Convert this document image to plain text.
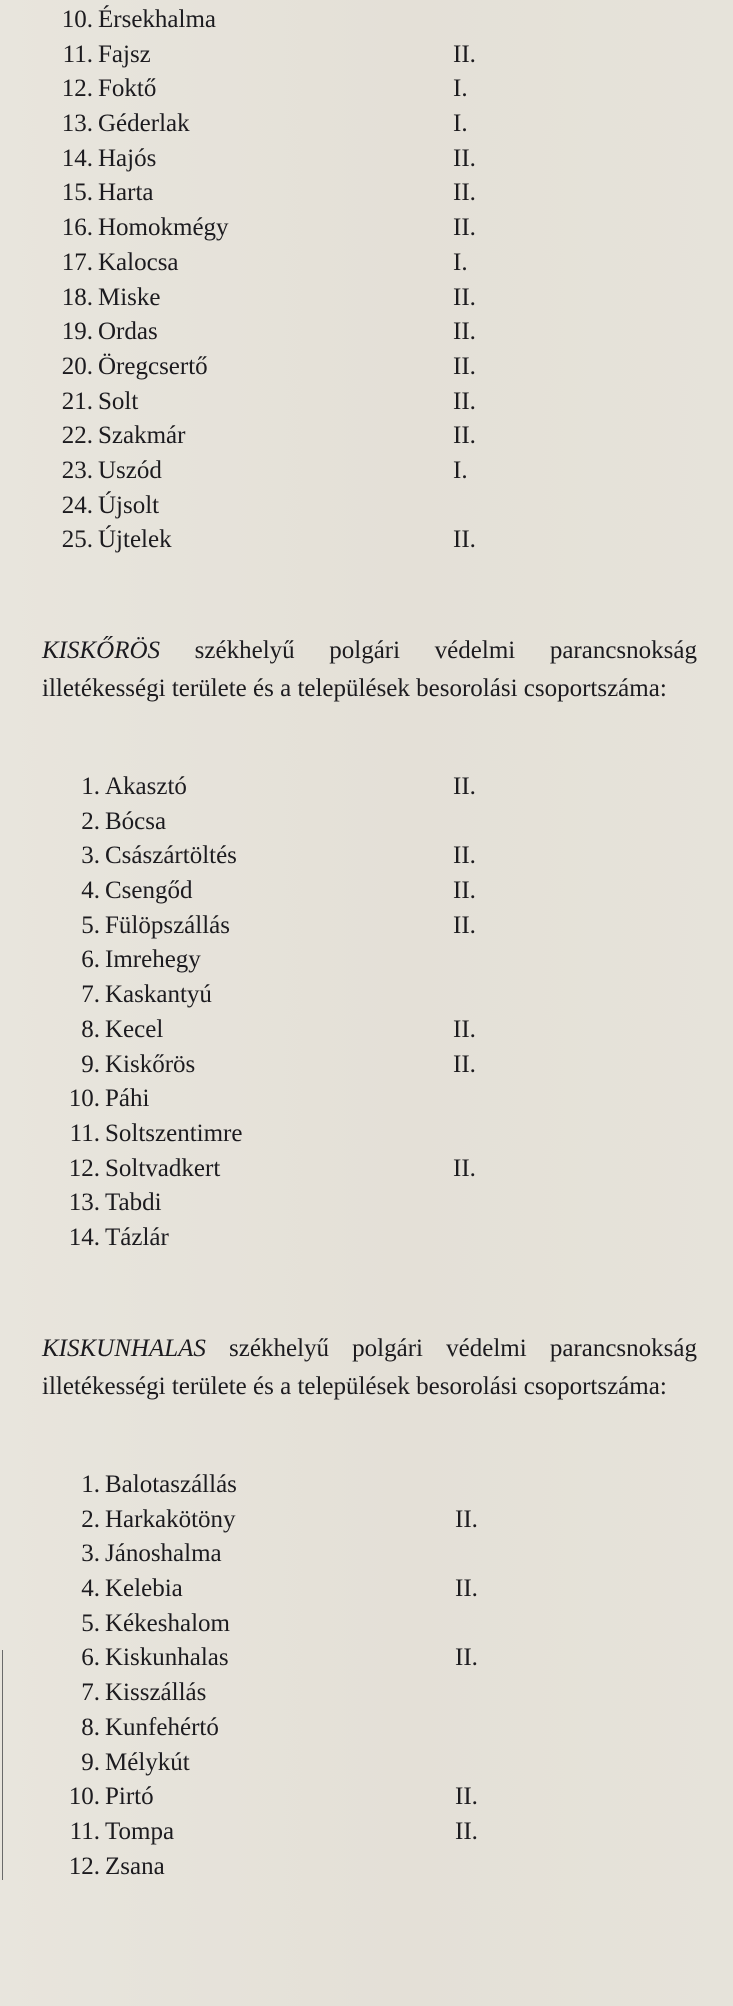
10. Érsekhalma
11. Fajsz	II.
12. Foktő	I.
13. Géderlak	I.
14. Hajós	II.
15. Harta	II.
16. Homokmégy	II.
17. Kalocsa	I.
18. Miske	II.
19. Ordas	II.
20. Öregcsertő	II.
21. Solt	II.
22. Szakmár	II.
23. Uszód	I.
24. Újsolt
25. Újtelek	II.
KISKŐRÖS székhelyű polgári védelmi parancsnokság illetékességi területe és a települések besorolási csoportszáma:
1. Akasztó	II.
2. Bócsa
3. Császártöltés	II.
4. Csengőd	II.
5. Fülöpszállás	II.
6. Imrehegy
7. Kaskantyú
8. Kecel	II.
9. Kiskőrös	II.
10. Páhi
11. Soltszentimre
12. Soltvadkert	II.
13. Tabdi
14. Tázlár
KISKUNHALAS székhelyű polgári védelmi parancsnokság illetékességi területe és a települések besorolási csoportszáma:
1. Balotaszállás
2. Harkakötöny	II.
3. Jánoshalma
4. Kelebia	II.
5. Kékeshalom
6. Kiskunhalas	II.
7. Kisszállás
8. Kunfehértó
9. Mélykút
10. Pirtó	II.
11. Tompa	II.
12. Zsana
